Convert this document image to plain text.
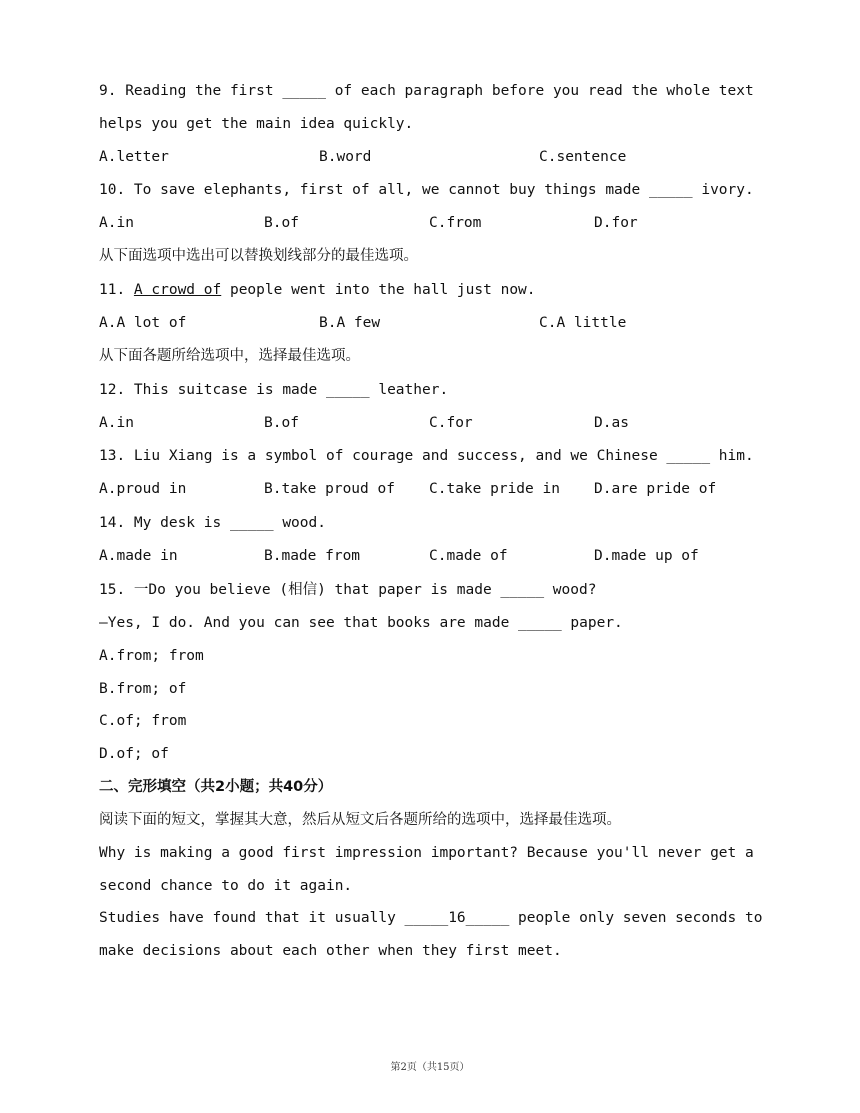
9. Reading the first _____ of each paragraph before you read the whole text
helps you get the main idea quickly.
A.letter	B.word	C.sentence
10. To save elephants, first of all, we cannot buy things made _____ ivory.
A.in	B.of	C.from	D.for
从下面选项中选出可以替换划线部分的最佳选项。
11. A crowd of people went into the hall just now.
A.A lot of	B.A few	C.A little
从下面各题所给选项中，选择最佳选项。
12. This suitcase is made _____ leather.
A.in	B.of	C.for	D.as
13. Liu Xiang is a symbol of courage and success, and we Chinese _____ him.
A.proud in	B.take proud of C.take pride in D.are pride of
14. My desk is _____ wood.
A.made in	B.made from	C.made of	D.made up of
15. 一Do you believe (相信) that paper is made _____ wood?
—Yes, I do. And you can see that books are made _____ paper.
A.from; from
B.from; of
C.of; from
D.of; of
二、完形填空（共2小题；共40分）
阅读下面的短文，掌握其大意，然后从短文后各题所给的选项中，选择最佳选项。
Why is making a good first impression important? Because you'll never get a
second chance to do it again.
Studies have found that it usually _____16_____ people only seven seconds to
make decisions about each other when they first meet.
第2页（共15页）
